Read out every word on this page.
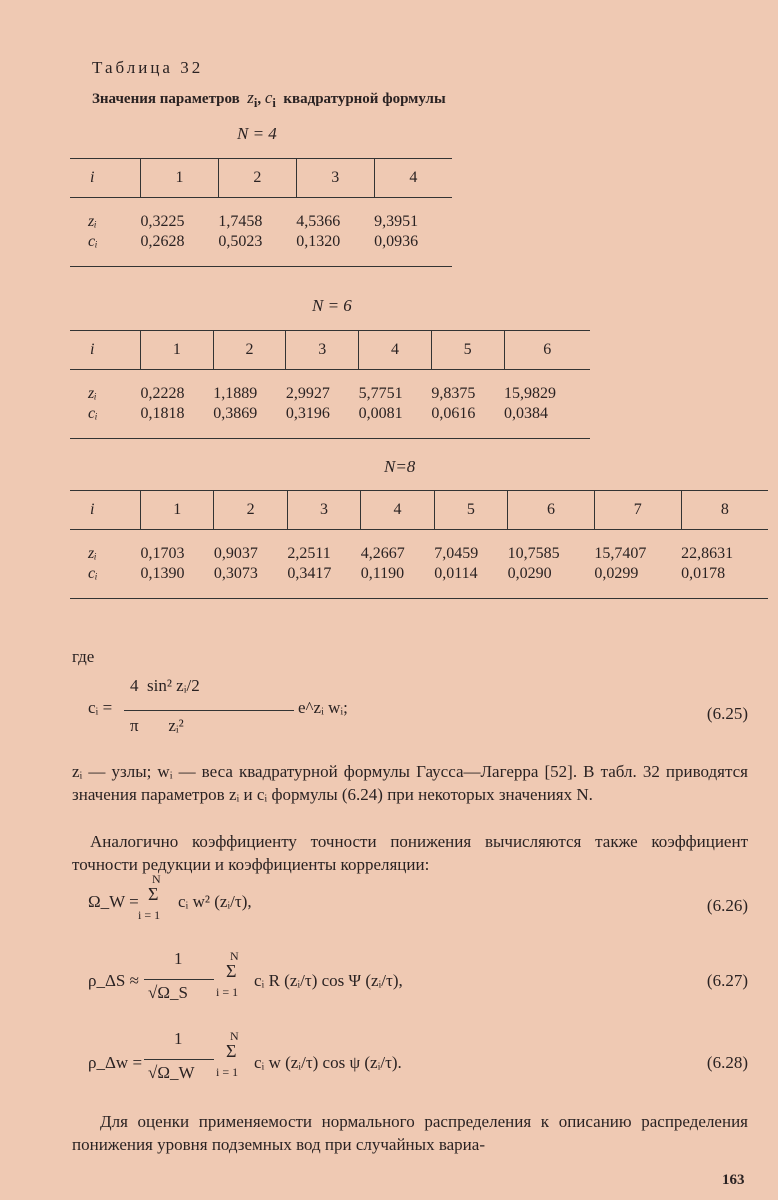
Таблица 32
Значения параметров $z_i$, $c_i$ квадратурной формулы
N = 4
i	1	2	3	4

zᵢ	0,3225	1,7458	4,5366	9,3951
cᵢ	0,2628	0,5023	0,1320	0,0936

N = 6
i	1	2	3	4	5	6

zᵢ	0,2228	1,1889	2,9927	5,7751	9,8375	15,9829
cᵢ	0,1818	0,3869	0,3196	0,0081	0,0616	0,0384

N=8
i	1	2	3	4	5	6	7	8

zᵢ	0,1703	0,9037	2,2511	4,2667	7,0459	10,7585	15,7407	22,8631
cᵢ	0,1390	0,3073	0,3417	0,1190	0,0114	0,0290	0,0299	0,0178

где
cᵢ =
4  sin² zᵢ/2
π       zᵢ²
e^zᵢ wᵢ;	(6.25)
zᵢ — узлы; wᵢ — веса квадратурной формулы Гаусса—Лагерра [52]. В табл. 32 приводятся значения параметров zᵢ и cᵢ формулы (6.24) при некоторых значениях N.
Аналогично коэффициенту точности понижения вычисляются также коэффициент точности редукции и коэффициенты корреляции:
Ω_W =
N
Σ
i = 1
cᵢ w² (zᵢ/τ),	(6.26)
ρ_ΔS ≈
1
√Ω_S
N
Σ
i = 1
cᵢ R (zᵢ/τ) cos Ψ (zᵢ/τ),	(6.27)
ρ_Δw =
1
√Ω_W
N
Σ
i = 1 cᵢ w (zᵢ/τ) cos ψ (zᵢ/τ).	(6.28)
Для оценки применяемости нормального распределения к описанию распределения понижения уровня подземных вод при случайных вариа-
163
